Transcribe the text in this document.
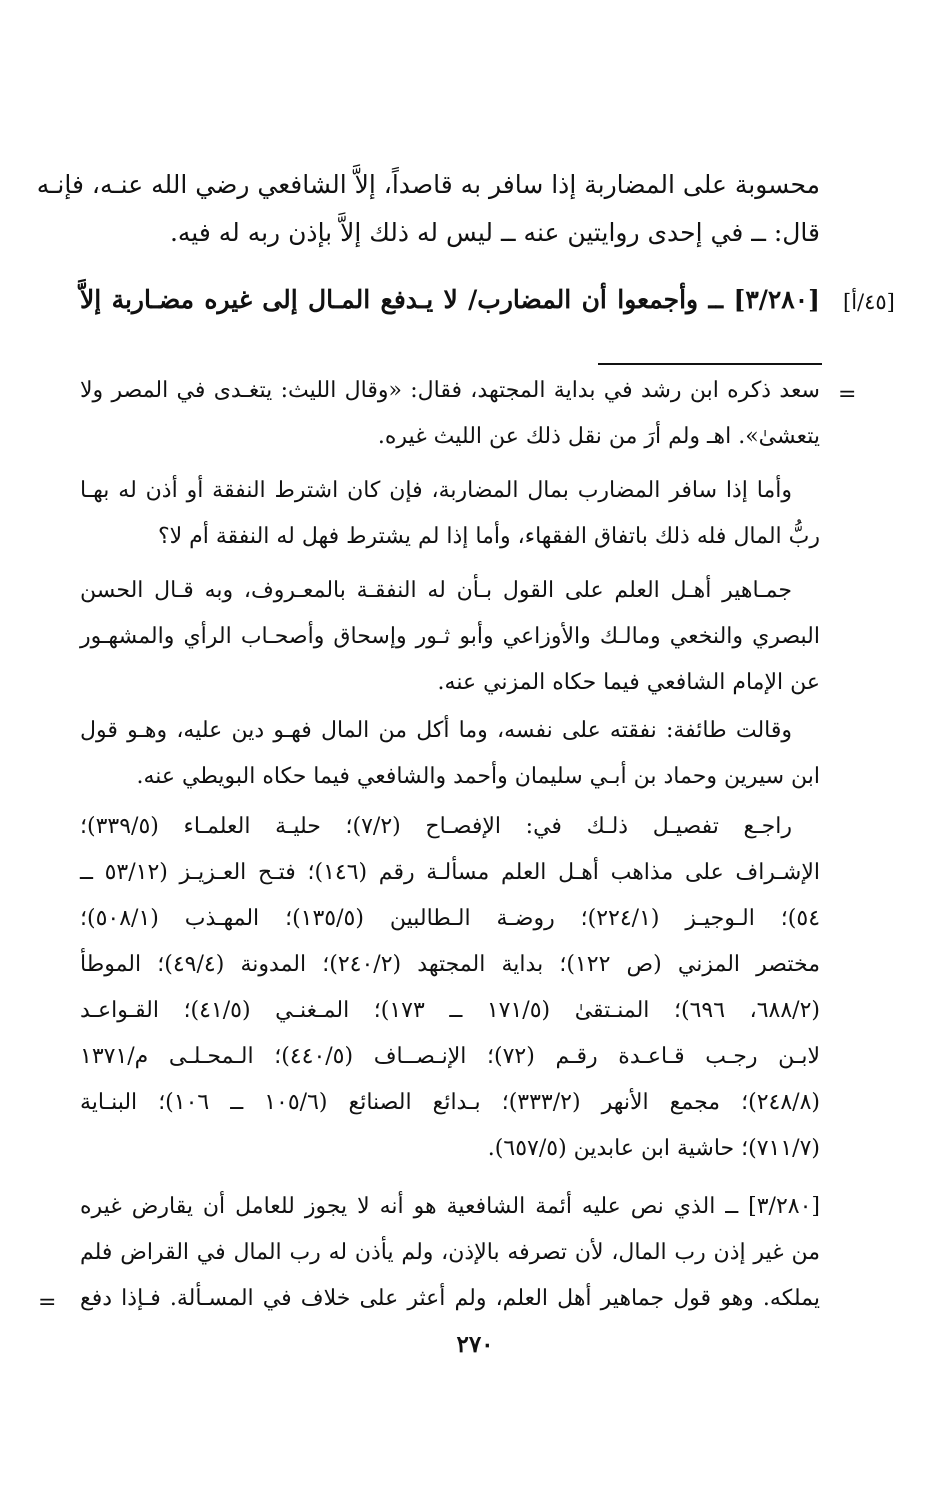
محسوبة على المضاربة إذا سافر به قاصداً، إلاَّ الشافعي رضي الله عنـه، فإنـه
قال: ــ في إحدى روايتين عنه ــ ليس له ذلك إلاَّ بإذن ربه له فيه.
[٣/٢٨٠] ــ وأجمعوا أن المضارب/ لا يـدفع المـال إلى غيره مضـاربة إلاَّ [٤٥/أ]
=
سعد ذكره ابن رشد في بداية المجتهد، فقال: «وقال الليث: يتغـدى في المصر ولا
يتعشىٰ». اهـ ولم أرَ من نقل ذلك عن الليث غيره.
وأما إذا سافر المضارب بمال المضاربة، فإن كان اشترط النفقة أو أذن له بهـا
ربُّ المال فله ذلك باتفاق الفقهاء، وأما إذا لم يشترط فهل له النفقة أم لا؟
جمـاهير أهـل العلم على القول بـأن له النفقـة بالمعـروف، وبه قـال الحسن
البصري والنخعي ومالـك والأوزاعي وأبو ثـور وإسحاق وأصحـاب الرأي والمشهـور
عن الإمام الشافعي فيما حكاه المزني عنه.
وقالت طائفة: نفقته على نفسه، وما أكل من المال فهـو دين عليه، وهـو قول
ابن سيرين وحماد بن أبـي سليمان وأحمد والشافعي فيما حكاه البويطي عنه.
راجـع تفصيـل ذلـك في: الإفصـاح (٧/٢)؛ حليـة العلمـاء (٣٣٩/٥)؛
الإشـراف على مذاهب أهـل العلم مسألـة رقم (١٤٦)؛ فتـح العـزيـز (٥٣/١٢ ــ
٥٤)؛ الـوجيـز (٢٢٤/١)؛ روضـة الـطالبين (١٣٥/٥)؛ المهـذب (٥٠٨/١)؛
مختصر المزني (ص ١٢٢)؛ بداية المجتهد (٢٤٠/٢)؛ المدونة (٤٩/٤)؛ الموطأ
(٦٨٨/٢، ٦٩٦)؛ المنـتقىٰ (١٧١/٥ ــ ١٧٣)؛ المـغنـي (٤١/٥)؛ القـواعـد
لابـن رجـب قـاعـدة رقـم (٧٢)؛ الإنـصــاف (٤٤٠/٥)؛ الـمحـلـى م/١٣٧١
(٢٤٨/٨)؛ مجمع الأنهر (٣٣٣/٢)؛ بـدائع الصنائع (١٠٥/٦ ــ ١٠٦)؛ البنـاية
(٧١١/٧)؛ حاشية ابن عابدين (٦٥٧/٥).
[٣/٢٨٠] ــ الذي نص عليه أئمة الشافعية هو أنه لا يجوز للعامل أن يقارض غيره
من غير إذن رب المال، لأن تصرفه بالإذن، ولم يأذن له رب المال في القراض فلم
يملكه. وهو قول جماهير أهل العلم، ولم أعثر على خلاف في المسـألة. فـإذا دفع
=
٢٧٠
